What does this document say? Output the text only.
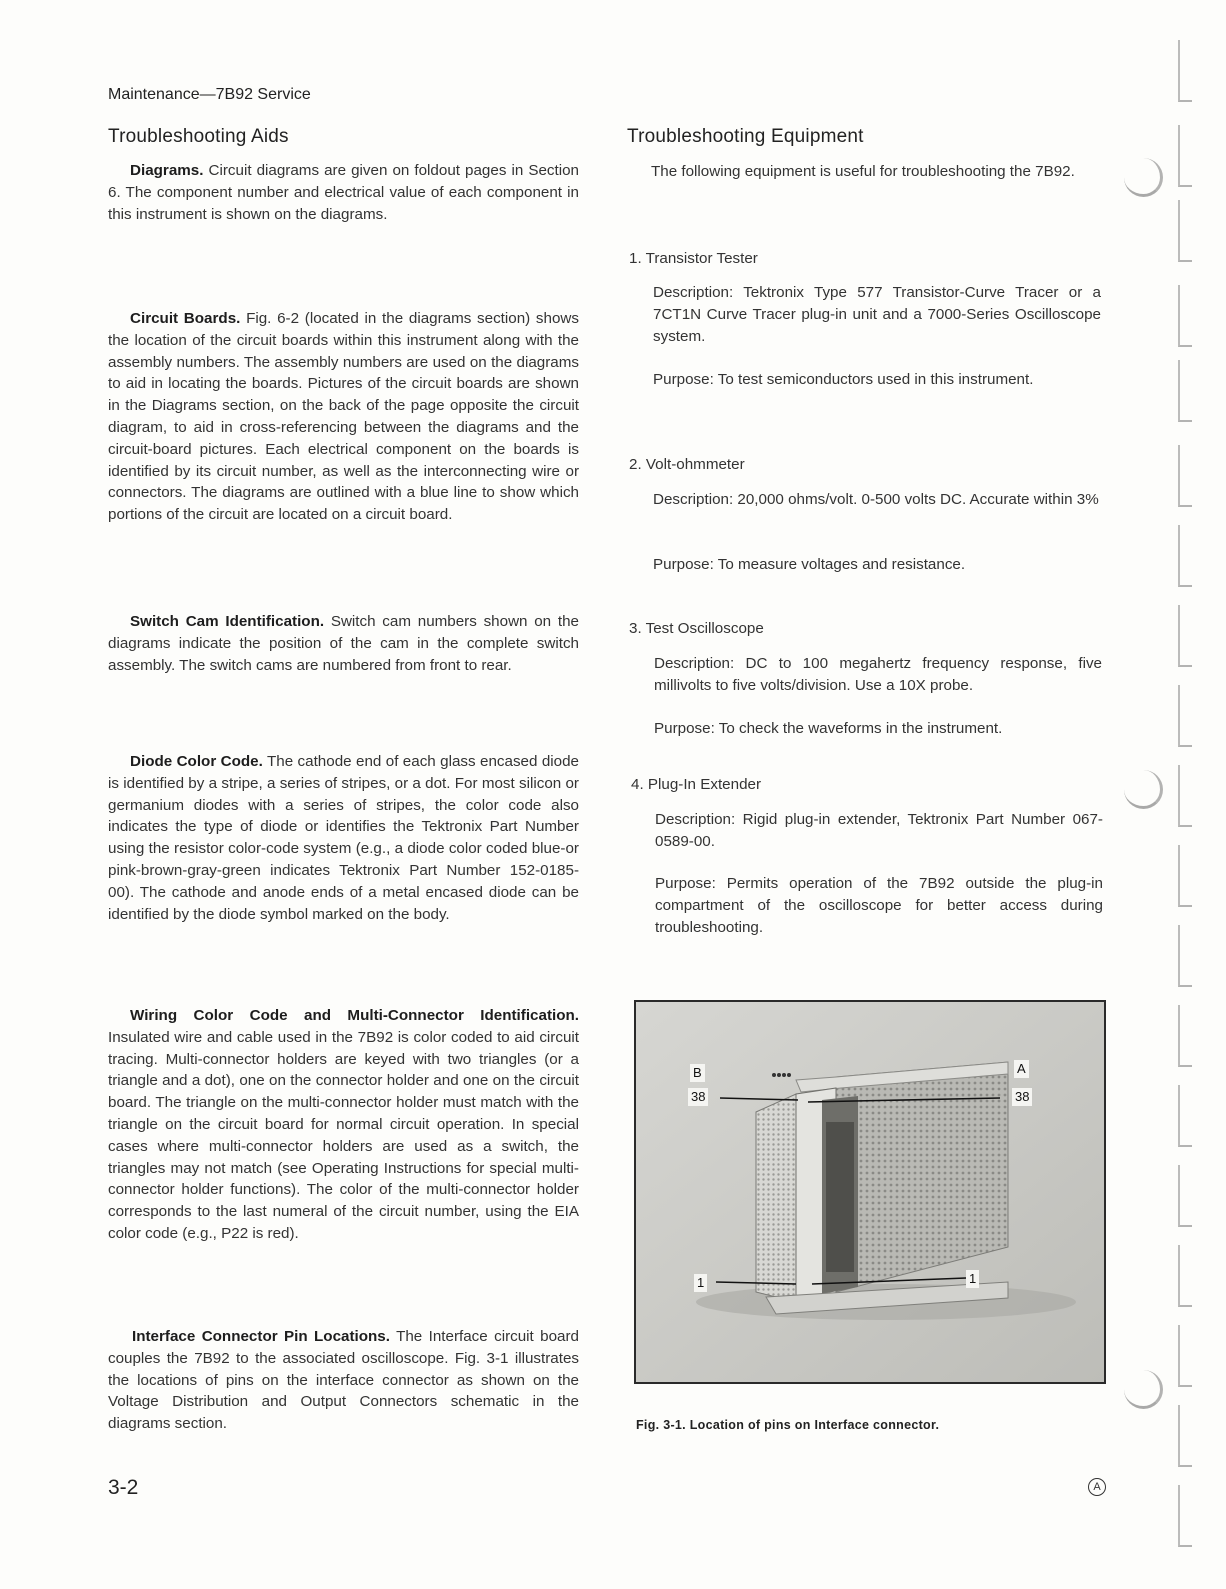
Maintenance—7B92 Service
Troubleshooting Aids
Diagrams. Circuit diagrams are given on foldout pages in Section 6. The component number and electrical value of each component in this instrument is shown on the diagrams.
Circuit Boards. Fig. 6-2 (located in the diagrams section) shows the location of the circuit boards within this instrument along with the assembly numbers. The assembly numbers are used on the diagrams to aid in locating the boards. Pictures of the circuit boards are shown in the Diagrams section, on the back of the page opposite the circuit diagram, to aid in cross-referencing between the diagrams and the circuit-board pictures. Each electrical component on the boards is identified by its circuit number, as well as the interconnecting wire or connectors. The diagrams are outlined with a blue line to show which portions of the circuit are located on a circuit board.
Switch Cam Identification. Switch cam numbers shown on the diagrams indicate the position of the cam in the complete switch assembly. The switch cams are numbered from front to rear.
Diode Color Code. The cathode end of each glass encased diode is identified by a stripe, a series of stripes, or a dot. For most silicon or germanium diodes with a series of stripes, the color code also indicates the type of diode or identifies the Tektronix Part Number using the resistor color-code system (e.g., a diode color coded blue-or pink-brown-gray-green indicates Tektronix Part Number 152-0185-00). The cathode and anode ends of a metal encased diode can be identified by the diode symbol marked on the body.
Wiring Color Code and Multi-Connector Identification. Insulated wire and cable used in the 7B92 is color coded to aid circuit tracing. Multi-connector holders are keyed with two triangles (or a triangle and a dot), one on the connector holder and one on the circuit board. The triangle on the multi-connector holder must match with the triangle on the circuit board for normal circuit operation. In special cases where multi-connector holders are used as a switch, the triangles may not match (see Operating Instructions for special multi-connector holder functions). The color of the multi-connector holder corresponds to the last numeral of the circuit number, using the EIA color code (e.g., P22 is red).
Interface Connector Pin Locations. The Interface circuit board couples the 7B92 to the associated oscilloscope. Fig. 3-1 illustrates the locations of pins on the interface connector as shown on the Voltage Distribution and Output Connectors schematic in the diagrams section.
Troubleshooting Equipment
The following equipment is useful for troubleshooting the 7B92.
1. Transistor Tester
Description: Tektronix Type 577 Transistor-Curve Tracer or a 7CT1N Curve Tracer plug-in unit and a 7000-Series Oscilloscope system.
Purpose: To test semiconductors used in this instrument.
2. Volt-ohmmeter
Description: 20,000 ohms/volt. 0-500 volts DC. Accurate within 3%
Purpose: To measure voltages and resistance.
3. Test Oscilloscope
Description: DC to 100 megahertz frequency response, five millivolts to five volts/division. Use a 10X probe.
Purpose: To check the waveforms in the instrument.
4. Plug-In Extender
Description: Rigid plug-in extender, Tektronix Part Number 067-0589-00.
Purpose: Permits operation of the 7B92 outside the plug-in compartment of the oscilloscope for better access during troubleshooting.
B
38
A
38
1	1
Fig. 3-1. Location of pins on Interface connector.
3-2	A
